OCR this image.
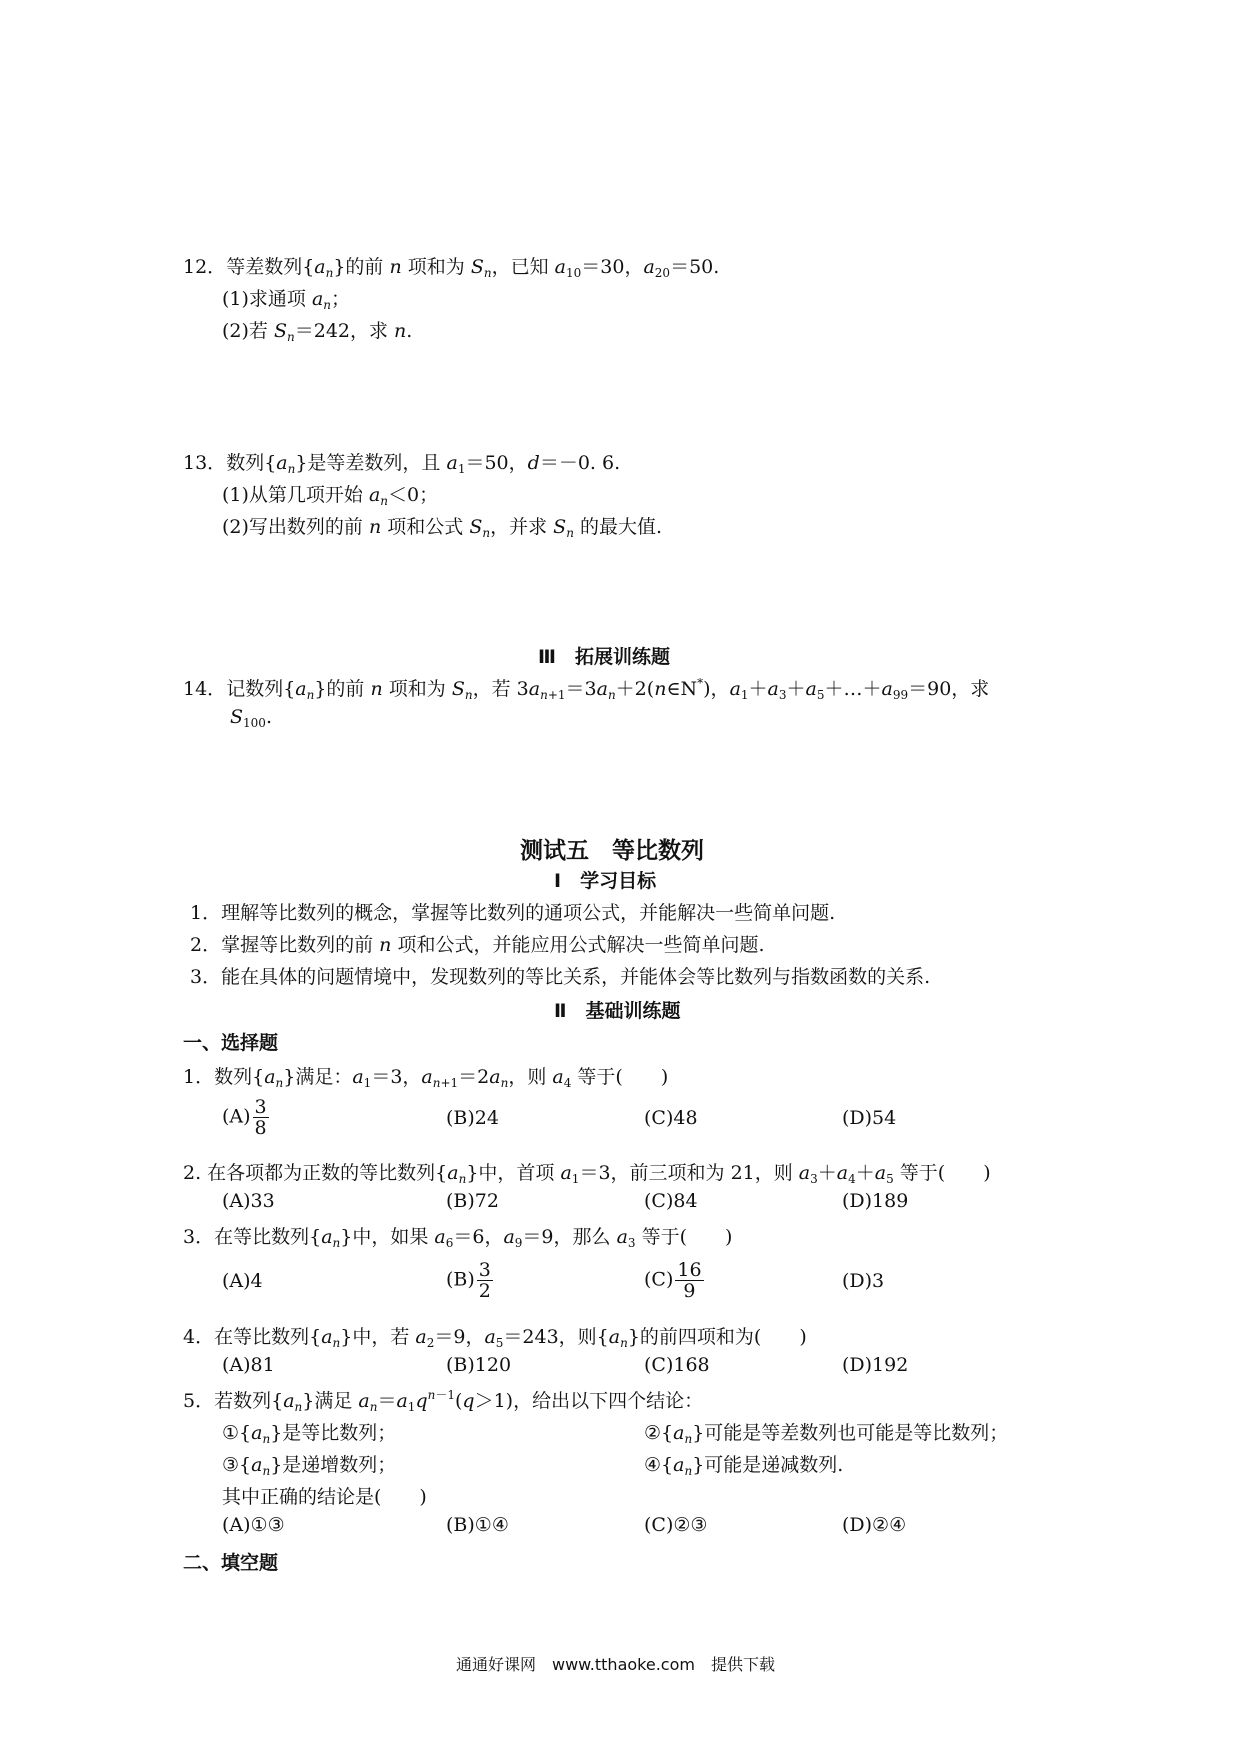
12．等差数列$\{a_n\}$的前 n 项和为 $S_n$，已知 $a_{10}=30$，$a_{20}=50$.
(1)求通项 $a_n$；
(2)若 $S_n=242$，求 n.
13．数列$\{a_n\}$是等差数列，且 $a_1=50$，d＝－0. 6.
(1)从第几项开始 $a_n<0$；
(2)写出数列的前 n 项和公式 $S_n$，并求 $S_n$ 的最大值.
Ⅲ　拓展训练题
14．记数列$\{a_n\}$的前 n 项和为 $S_n$，若 $3a_{n+1}=3a_n+2(n\in N^*)$，$a_1+a_3+a_5+\dots+a_{99}=90$，求
$S_{100}$.
测试五　等比数列
Ⅰ　学习目标
1．理解等比数列的概念，掌握等比数列的通项公式，并能解决一些简单问题.
2．掌握等比数列的前 n 项和公式，并能应用公式解决一些简单问题.
3．能在具体的问题情境中，发现数列的等比关系，并能体会等比数列与指数函数的关系.
Ⅱ　基础训练题
一、选择题
1．数列$\{a_n\}$满足：$a_1=3$，$a_{n+1}=2a_n$，则 $a_4$ 等于(　　)
$(A) \frac{3}{8}$	(B)24	(C)48	(D)54
2. 在各项都为正数的等比数列$\{a_n\}$中，首项 $a_1=3$，前三项和为 21，则 $a_3+a_4+a_5$ 等于(　　)
(A)33	(B)72	(C)84	(D)189
3．在等比数列$\{a_n\}$中，如果 $a_6=6$，$a_9=9$，那么 $a_3$ 等于(　　)
(A)4	$(B) \frac{3}{2}$	$(C) \frac{16}{9}$	(D)3
4．在等比数列$\{a_n\}$中，若 $a_2=9$，$a_5=243$，则$\{a_n\}$的前四项和为(　　)
(A)81	(B)120	(C)168	(D)192
5．若数列$\{a_n\}$满足 $a_n=a_1q^{n-1}(q>1)$，给出以下四个结论：
$①\{a_n\}$是等比数列；	$②\{a_n\}$可能是等差数列也可能是等比数列；
$③\{a_n\}$是递增数列；	$④\{a_n\}$可能是递减数列.
其中正确的结论是(　　)
(A)①③	(B)①④	(C)②③	(D)②④
二、填空题
通通好课网　www.tthaoke.com　提供下载
